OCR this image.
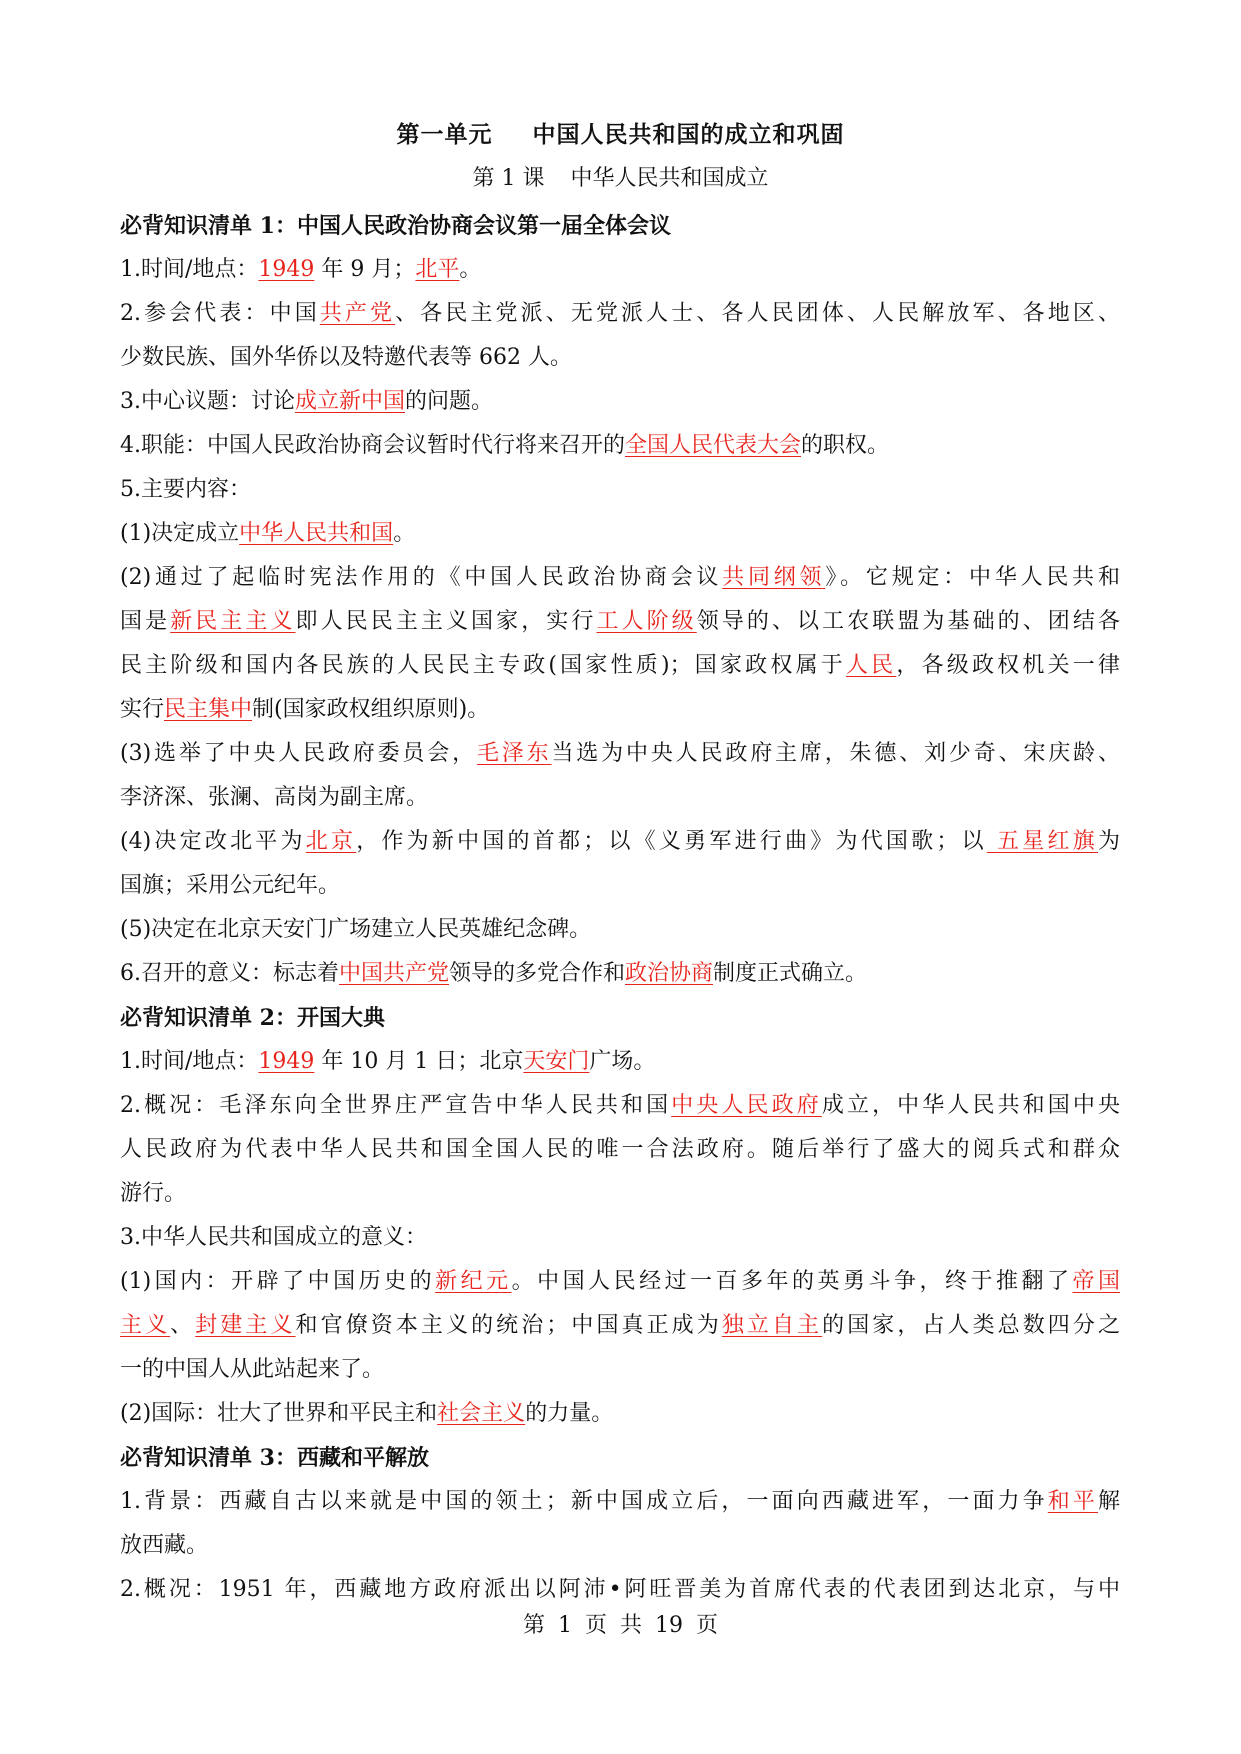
第一单元 中国人民共和国的成立和巩固
第 1 课 中华人民共和国成立
必背知识清单 1：中国人民政治协商会议第一届全体会议
1.时间/地点：1949 年 9 月；北平。
2.参会代表：中国共产党、各民主党派、无党派人士、各人民团体、人民解放军、各地区、
少数民族、国外华侨以及特邀代表等 662 人。
3.中心议题：讨论成立新中国的问题。
4.职能：中国人民政治协商会议暂时代行将来召开的全国人民代表大会的职权。
5.主要内容：
(1)决定成立中华人民共和国。
(2)通过了起临时宪法作用的《中国人民政治协商会议共同纲领》。它规定：中华人民共和
国是新民主主义即人民民主主义国家，实行工人阶级领导的、以工农联盟为基础的、团结各
民主阶级和国内各民族的人民民主专政(国家性质)；国家政权属于人民，各级政权机关一律
实行民主集中制(国家政权组织原则)。
(3)选举了中央人民政府委员会，毛泽东当选为中央人民政府主席，朱德、刘少奇、宋庆龄、
李济深、张澜、高岗为副主席。
(4)决定改北平为北京，作为新中国的首都；以《义勇军进行曲》为代国歌；以 五星红旗为
国旗；采用公元纪年。
(5)决定在北京天安门广场建立人民英雄纪念碑。
6.召开的意义：标志着中国共产党领导的多党合作和政治协商制度正式确立。
必背知识清单 2：开国大典
1.时间/地点：1949 年 10 月 1 日；北京天安门广场。
2.概况：毛泽东向全世界庄严宣告中华人民共和国中央人民政府成立，中华人民共和国中央
人民政府为代表中华人民共和国全国人民的唯一合法政府。随后举行了盛大的阅兵式和群众
游行。
3.中华人民共和国成立的意义：
(1)国内：开辟了中国历史的新纪元。中国人民经过一百多年的英勇斗争，终于推翻了帝国
主义、封建主义和官僚资本主义的统治；中国真正成为独立自主的国家，占人类总数四分之
一的中国人从此站起来了。
(2)国际：壮大了世界和平民主和社会主义的力量。
必背知识清单 3：西藏和平解放
1.背景：西藏自古以来就是中国的领土；新中国成立后，一面向西藏进军，一面力争和平解
放西藏。
2.概况：1951 年，西藏地方政府派出以阿沛•阿旺晋美为首席代表的代表团到达北京，与中
第 1 页 共 19 页
